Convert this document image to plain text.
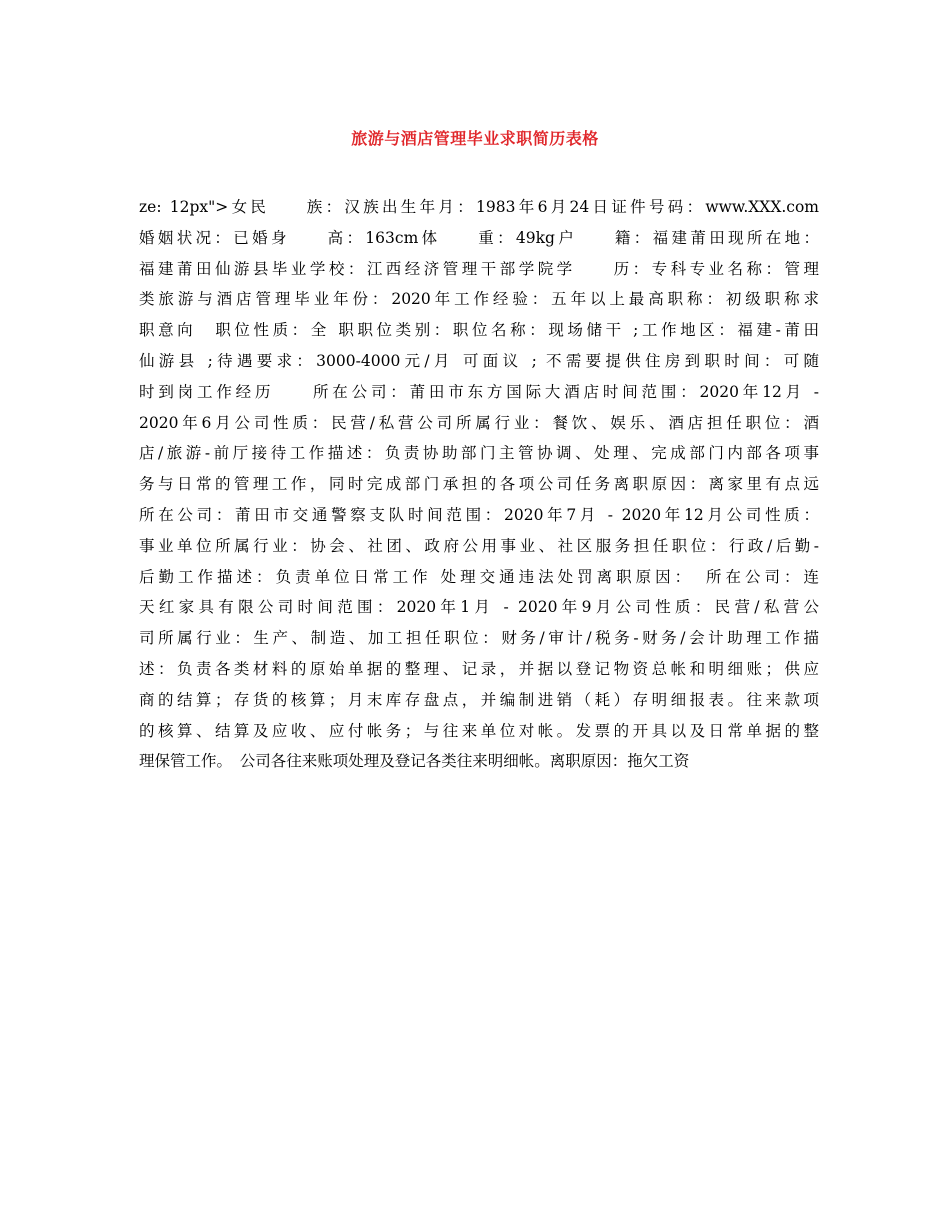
旅游与酒店管理毕业求职简历表格
ze: 12px">女民　　族：汉族出生年月：1983年6月24日证件号码：www.XXX.com
婚姻状况：已婚身　　高：163cm体　　重：49kg户　　籍：福建莆田现所在地：
福建莆田仙游县毕业学校：江西经济管理干部学院学　　历：专科专业名称：管理
类旅游与酒店管理毕业年份：2020年工作经验：五年以上最高职称：初级职称求
职意向　职位性质：全 职职位类别：职位名称：现场储干 ;工作地区：福建-莆田
仙游县 ;待遇要求：3000-4000元/月 可面议 ; 不需要提供住房到职时间：可随
时到岗工作经历　　所在公司：莆田市东方国际大酒店时间范围：2020年12月 -
2020年6月公司性质：民营/私营公司所属行业：餐饮、娱乐、酒店担任职位：酒
店/旅游-前厅接待工作描述：负责协助部门主管协调、处理、完成部门内部各项事
务与日常的管理工作，同时完成部门承担的各项公司任务离职原因：离家里有点远
所在公司：莆田市交通警察支队时间范围：2020年7月 - 2020年12月公司性质：
事业单位所属行业：协会、社团、政府公用事业、社区服务担任职位：行政/后勤-
后勤工作描述：负责单位日常工作 处理交通违法处罚离职原因：　所在公司：连
天红家具有限公司时间范围：2020年1月 - 2020年9月公司性质：民营/私营公
司所属行业：生产、制造、加工担任职位：财务/审计/税务-财务/会计助理工作描
述：负责各类材料的原始单据的整理、记录，并据以登记物资总帐和明细账；供应
商的结算；存货的核算；月末库存盘点，并编制进销（耗）存明细报表。往来款项
的核算、结算及应收、应付帐务；与往来单位对帐。发票的开具以及日常单据的整
理保管工作。　公司各往来账项处理及登记各类往来明细帐。离职原因：拖欠工资
